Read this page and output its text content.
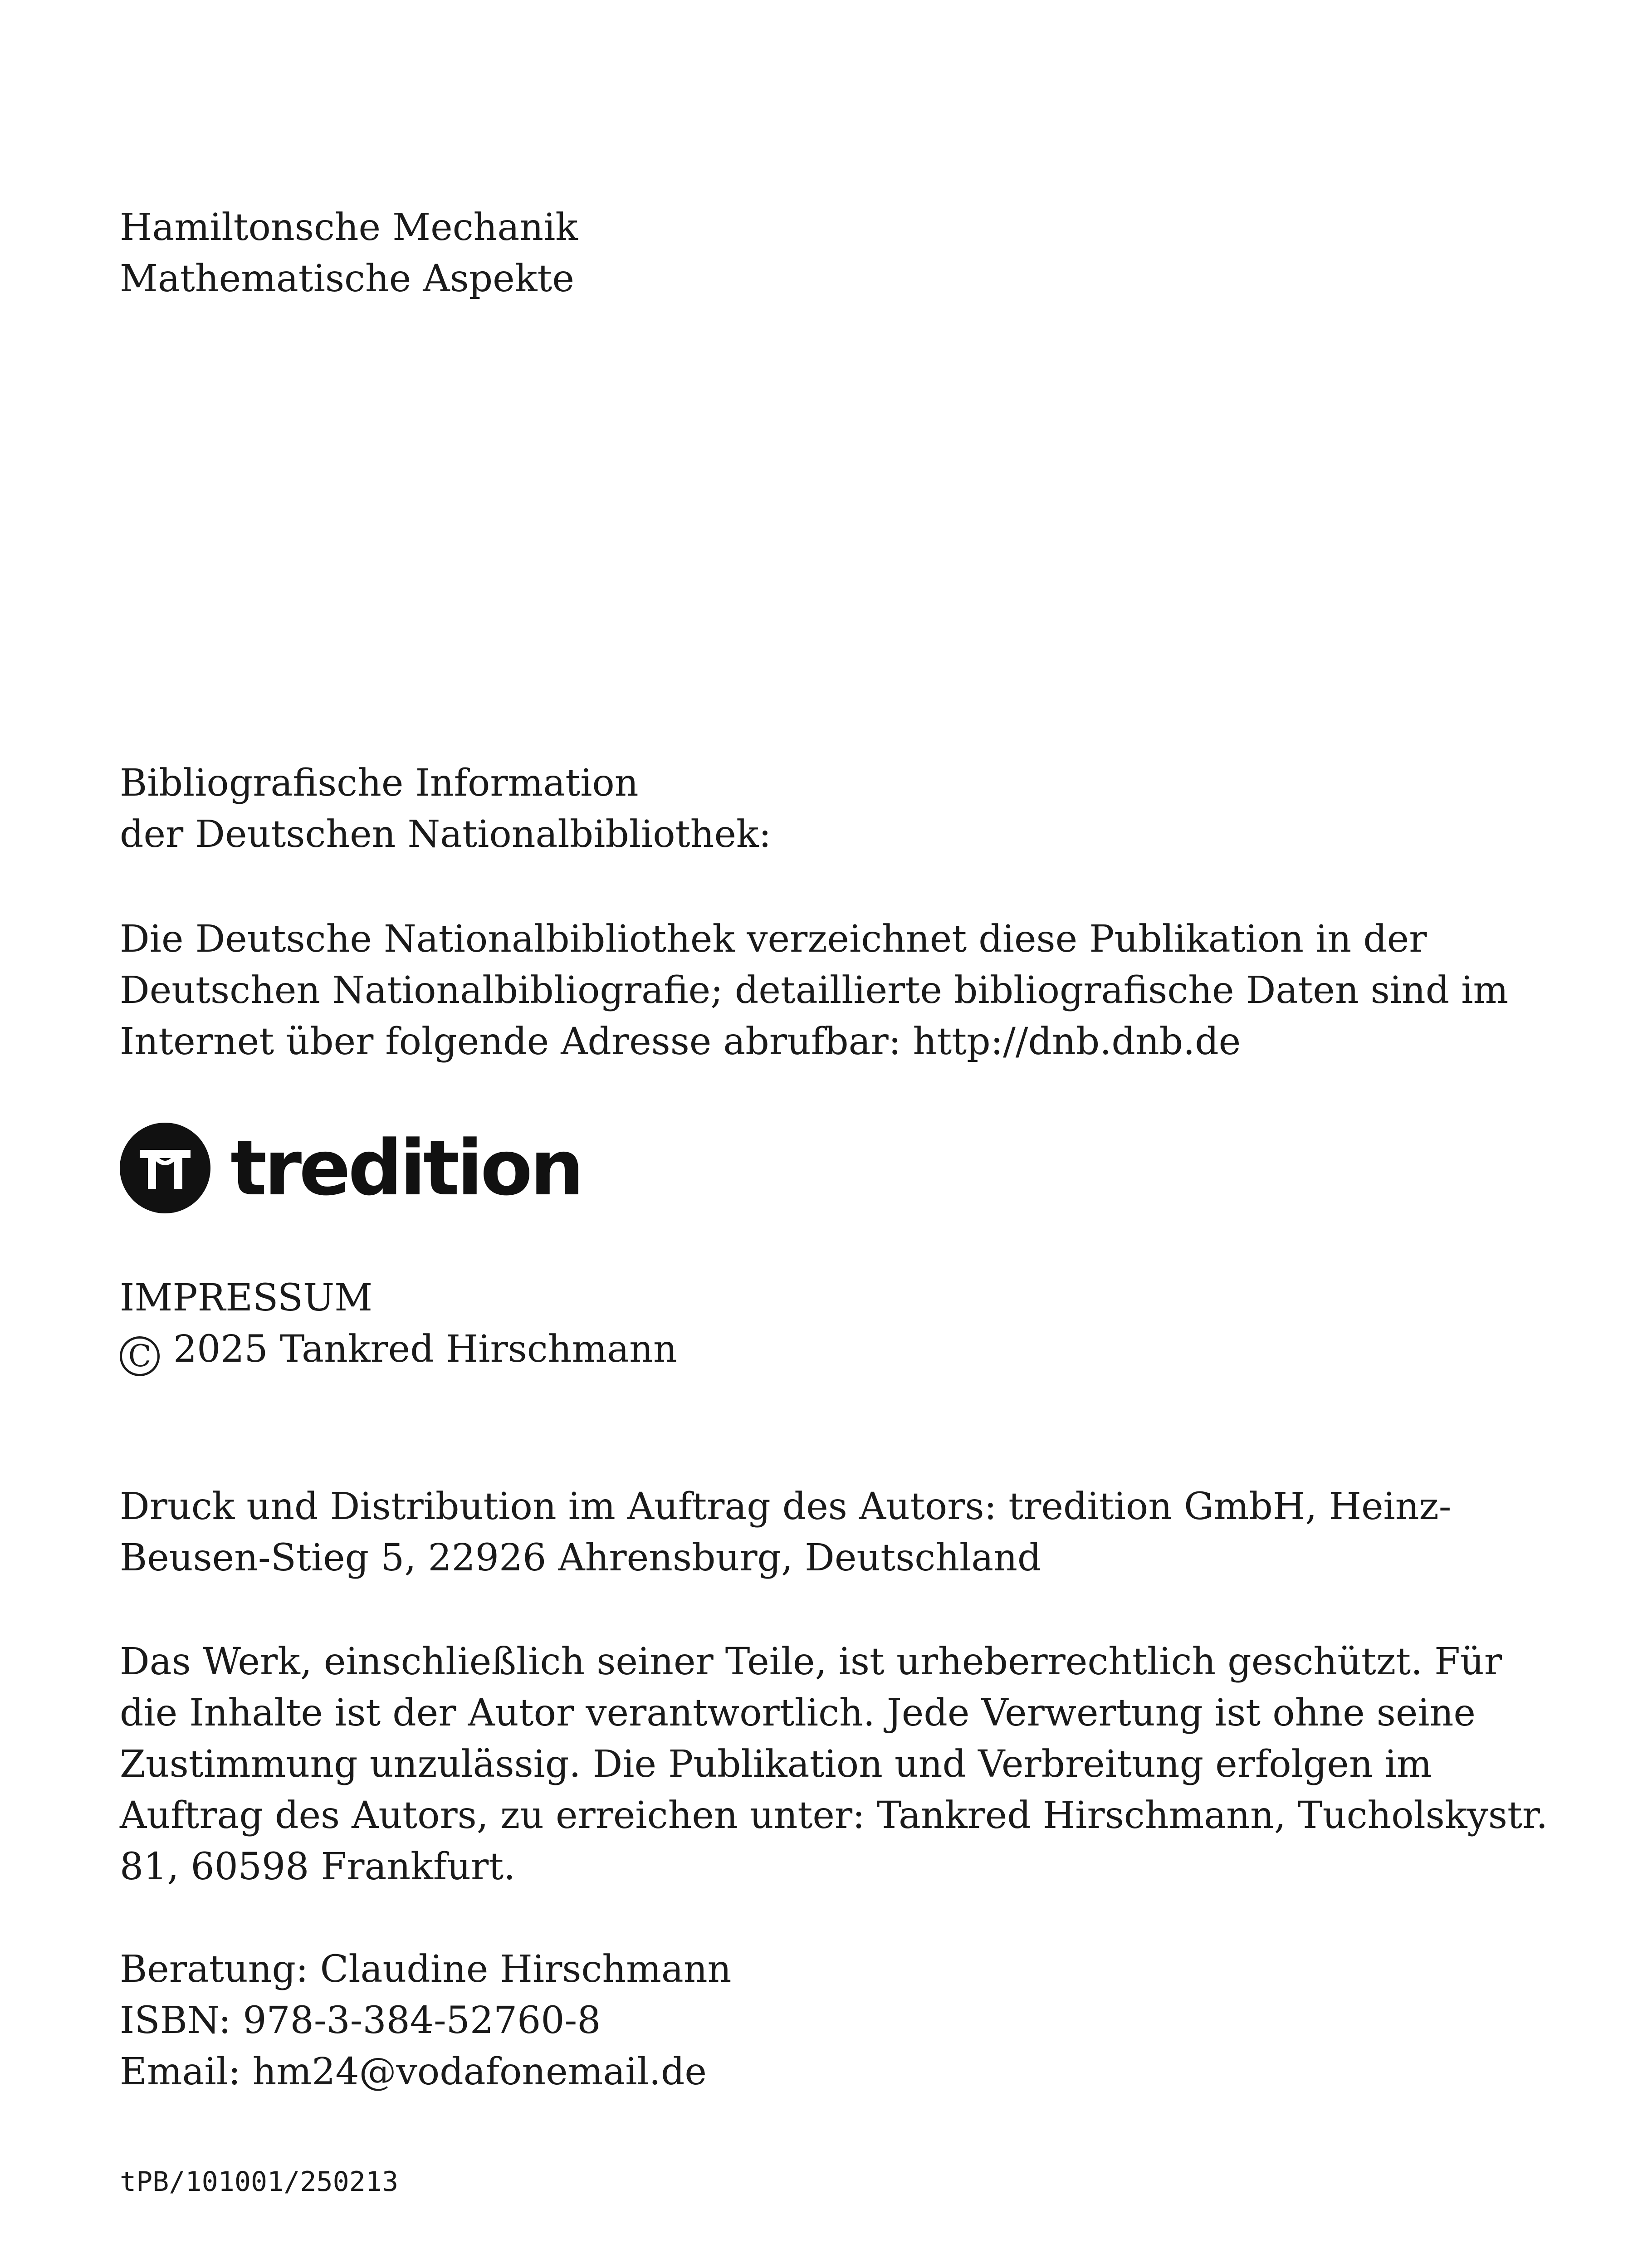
Hamiltonsche Mechanik
Mathematische Aspekte
Bibliografische Information
der Deutschen Nationalbibliothek:
Die Deutsche Nationalbibliothek verzeichnet diese Publikation in der
Deutschen Nationalbibliografie; detaillierte bibliografische Daten sind im
Internet über folgende Adresse abrufbar: http://dnb.dnb.de
tredition
IMPRESSUM
C 2025 Tankred Hirschmann
Druck und Distribution im Auftrag des Autors: tredition GmbH, Heinz-
Beusen-Stieg 5, 22926 Ahrensburg, Deutschland
Das Werk, einschließlich seiner Teile, ist urheberrechtlich geschützt. Für
die Inhalte ist der Autor verantwortlich. Jede Verwertung ist ohne seine
Zustimmung unzulässig. Die Publikation und Verbreitung erfolgen im
Auftrag des Autors, zu erreichen unter: Tankred Hirschmann, Tucholskystr.
81, 60598 Frankfurt.
Beratung: Claudine Hirschmann
ISBN: 978-3-384-52760-8
Email: hm24@vodafonemail.de
tPB/101001/250213
